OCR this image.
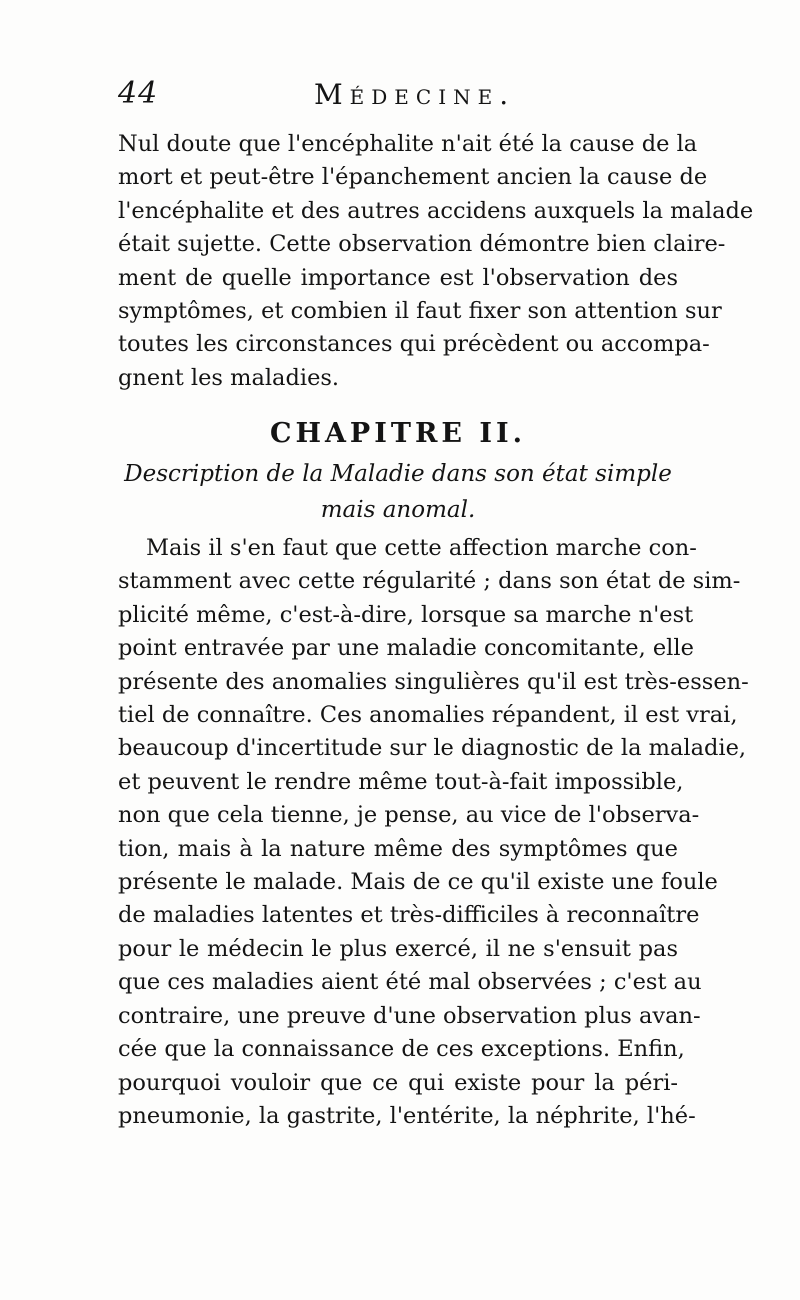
44	Médecine.
Nul doute que l'encéphalite n'ait été la cause de la
mort et peut-être l'épanchement ancien la cause de
l'encéphalite et des autres accidens auxquels la malade
était sujette. Cette observation démontre bien claire-
ment de quelle importance est l'observation des
symptômes, et combien il faut fixer son attention sur
toutes les circonstances qui précèdent ou accompa-
gnent les maladies.
CHAPITRE II.
Description de la Maladie dans son état simple
mais anomal.
Mais il s'en faut que cette affection marche con-
stamment avec cette régularité ; dans son état de sim-
plicité même, c'est-à-dire, lorsque sa marche n'est
point entravée par une maladie concomitante, elle
présente des anomalies singulières qu'il est très-essen-
tiel de connaître. Ces anomalies répandent, il est vrai,
beaucoup d'incertitude sur le diagnostic de la maladie,
et peuvent le rendre même tout-à-fait impossible,
non que cela tienne, je pense, au vice de l'observa-
tion, mais à la nature même des symptômes que
présente le malade. Mais de ce qu'il existe une foule
de maladies latentes et très-difficiles à reconnaître
pour le médecin le plus exercé, il ne s'ensuit pas
que ces maladies aient été mal observées ; c'est au
contraire, une preuve d'une observation plus avan-
cée que la connaissance de ces exceptions. Enfin,
pourquoi vouloir que ce qui existe pour la péri-
pneumonie, la gastrite, l'entérite, la néphrite, l'hé-
